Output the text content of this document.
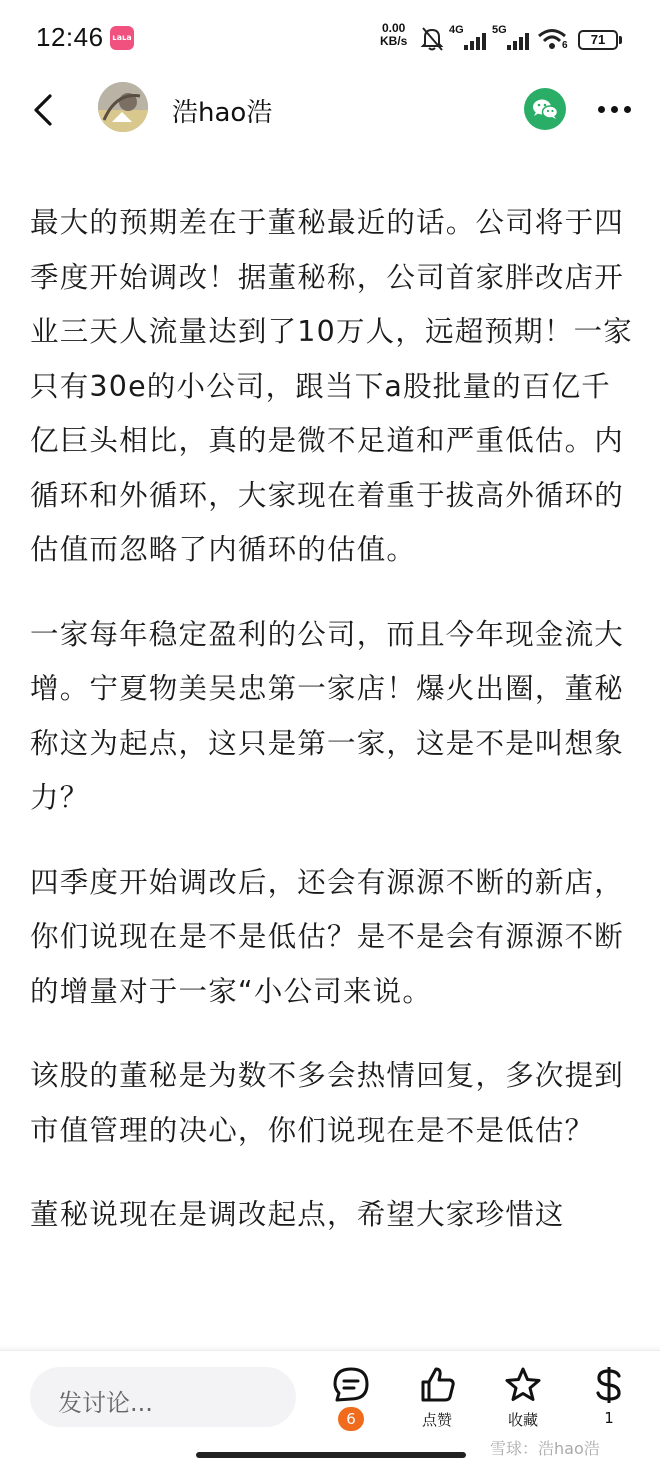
12:46 ʟaʟa
0.00
KB/s
4G	5G
6	71
浩hao浩

最大的预期差在于董秘最近的话。公司将于四季度开始调改！据董秘称，公司首家胖改店开业三天人流量达到了10万人，远超预期！一家只有30e的小公司，跟当下a股批量的百亿千亿巨头相比，真的是微不足道和严重低估。内循环和外循环，大家现在着重于拔高外循环的估值而忽略了内循环的估值。

一家每年稳定盈利的公司，而且今年现金流大增。宁夏物美吴忠第一家店！爆火出圈，董秘称这为起点，这只是第一家，这是不是叫想象力？

四季度开始调改后，还会有源源不断的新店，你们说现在是不是低估？是不是会有源源不断的增量对于一家“小公司来说。

该股的董秘是为数不多会热情回复，多次提到市值管理的决心，你们说现在是不是低估？

董秘说现在是调改起点，希望大家珍惜这

发讨论...
6	点赞	收藏	1
雪球：浩hao浩
